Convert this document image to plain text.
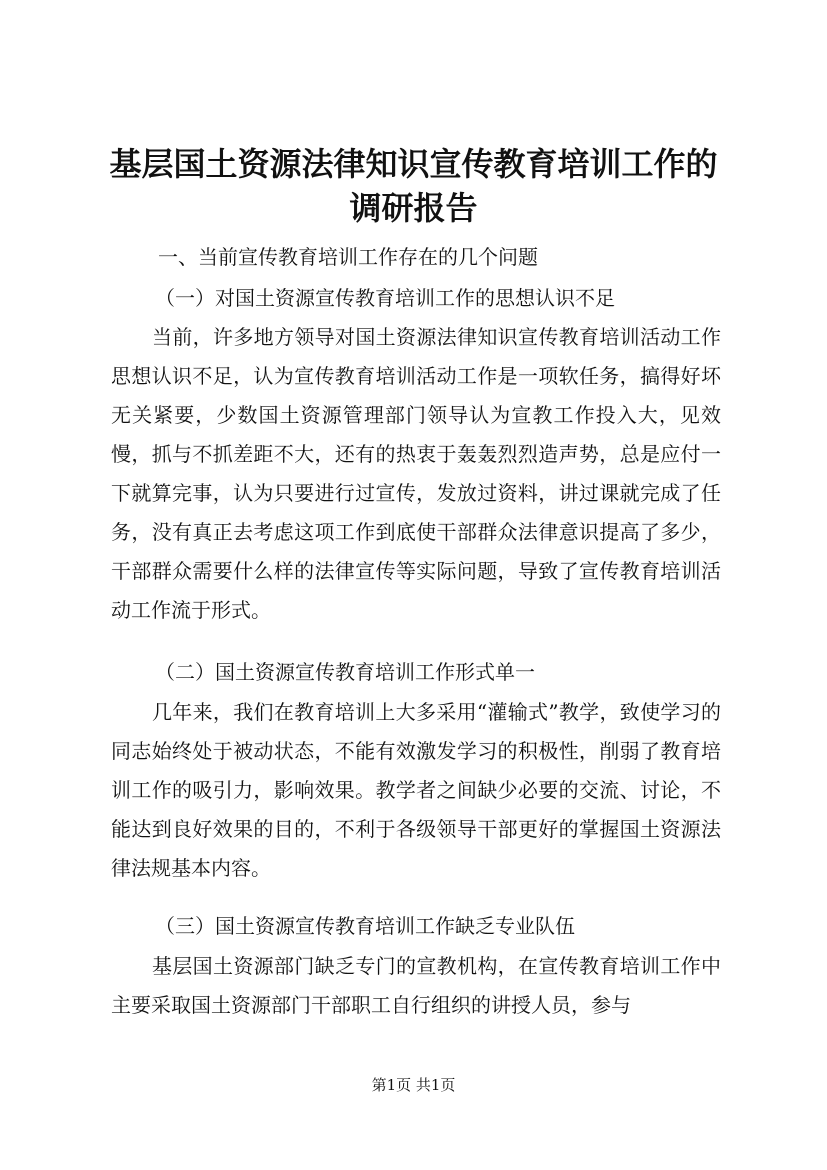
基层国土资源法律知识宣传教育培训工作的调研报告

一、当前宣传教育培训工作存在的几个问题

（一）对国土资源宣传教育培训工作的思想认识不足

当前，许多地方领导对国土资源法律知识宣传教育培训活动工作思想认识不足，认为宣传教育培训活动工作是一项软任务，搞得好坏无关紧要，少数国土资源管理部门领导认为宣教工作投入大，见效慢，抓与不抓差距不大，还有的热衷于轰轰烈烈造声势，总是应付一下就算完事，认为只要进行过宣传，发放过资料，讲过课就完成了任务，没有真正去考虑这项工作到底使干部群众法律意识提高了多少，干部群众需要什么样的法律宣传等实际问题，导致了宣传教育培训活动工作流于形式。

（二）国土资源宣传教育培训工作形式单一

几年来，我们在教育培训上大多采用“灌输式”教学，致使学习的同志始终处于被动状态，不能有效激发学习的积极性，削弱了教育培训工作的吸引力，影响效果。教学者之间缺少必要的交流、讨论，不能达到良好效果的目的，不利于各级领导干部更好的掌握国土资源法律法规基本内容。

（三）国土资源宣传教育培训工作缺乏专业队伍

基层国土资源部门缺乏专门的宣教机构，在宣传教育培训工作中主要采取国土资源部门干部职工自行组织的讲授人员，参与

第1页 共1页
